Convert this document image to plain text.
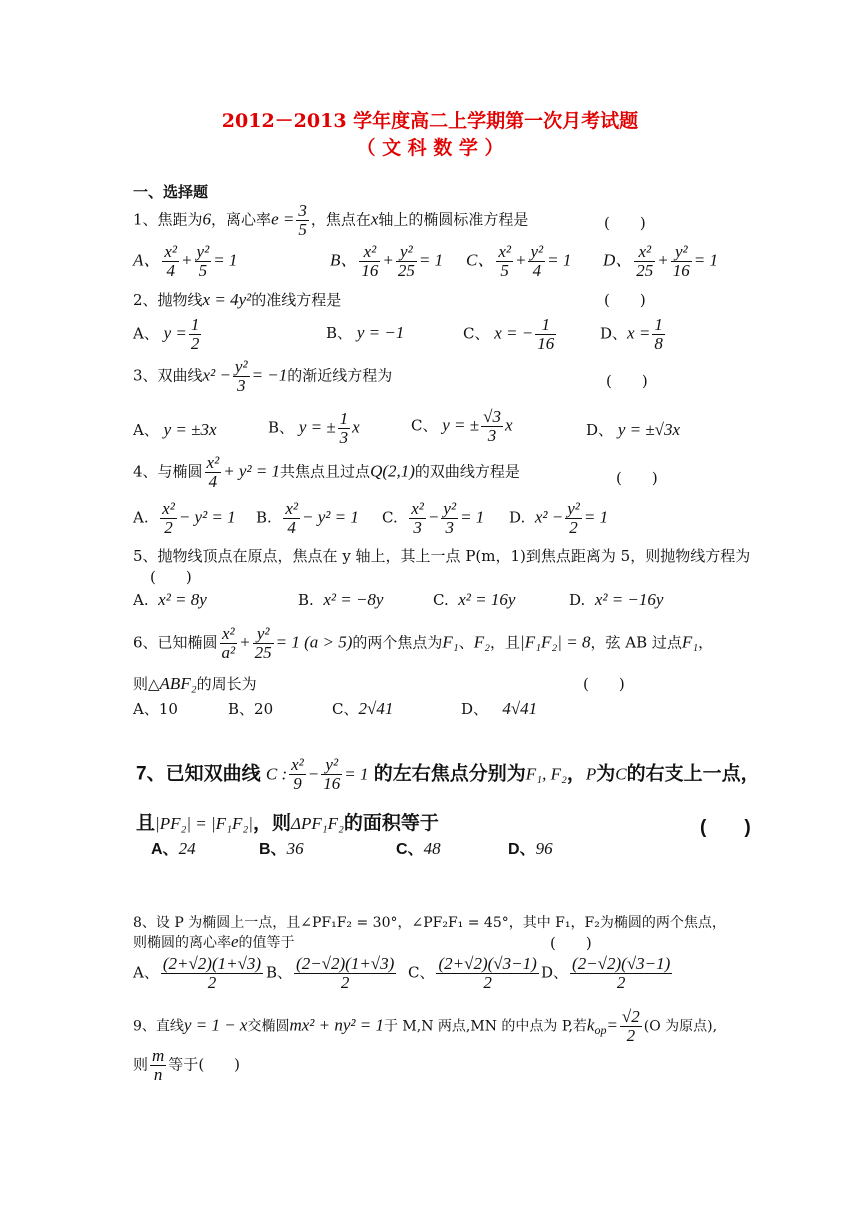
2012－2013 学年度高二上学期第一次月考试题
（ 文 科 数 学 ）
一、选择题
1、焦距为6，离心率$e = \frac{3}{5}$ ，焦点在x轴上的椭圆标准方程是	(　　)
A、 $\frac{\text{x²}}{4} + \frac{\text{y²}}{5} = 1$	B、 $\frac{\text{x²}}{16} + \frac{\text{y²}}{25} = 1$ C、 $\frac{\text{x²}}{5} + \frac{\text{y²}}{4} = 1$ D、 $\frac{\text{x²}}{25} + \frac{\text{y²}}{16} = 1$
2、抛物线x = 4y²的准线方程是	(　　)
A、 $y = \frac{1}{2}$	B、 y = −1	C、 x = − $\frac{1}{16}$	D、$x = \frac{1}{8}$
3、双曲线$x^2 - \frac{\text{y²}}{3} = -1$的渐近线方程为	(　　)
A、 y = ±3x	B、 y = ± $\frac{1}{3}$ x	C、 y = ± $\frac{√3}{3}$ x	D、 y = ±√3x
4、与椭圆 $\frac{\text{x²}}{4} + y^2 = 1$共焦点且过点Q(2,1)的双曲线方程是	(　　)
A. $\frac{\text{x²}}{2} - y^2 = 1$ B. $\frac{\text{x²}}{4} - y^2 = 1$ C. $\frac{\text{x²}}{3} - \frac{\text{y²}}{3} = 1$ D. $x^2 - \frac{\text{y²}}{2} = 1$
5、抛物线顶点在原点，焦点在 y 轴上，其上一点 P(m，1)到焦点距离为 5，则抛物线方程为
(　　)
A. x² = 8y	B. x² = −8y	C. x² = 16y	D. x² = −16y
6、已知椭圆 $\frac{\text{x²}}{\text{a²}} + \frac{\text{y²}}{25} = 1$ (a > 5)的两个焦点为F₁、F₂，且|F₁F₂| = 8，弦 AB 过点F₁，
则△ABF₂的周长为	(　　)
A、10	B、20	C、2√41	D、 4√41
7、已知双曲线 C : $\frac{\text{x²}}{9} - \frac{\text{y²}}{16} = 1$ 的左右焦点分别为F₁, F₂，P为C的右支上一点，
且|PF₂| = |F₁F₂|，则ΔPF₁F₂的面积等于	(　　)
A、24	B、36	C、48	D、96
8、设 P 为椭圆上一点，且∠PF₁F₂ = 30°，∠PF₂F₁ = 45°，其中 F₁，F₂为椭圆的两个焦点，
则椭圆的离心率e的值等于	(　　)
A、 $\frac{(2+√2)(1+√3)}{2}$ B、 $\frac{(2-√2)(1+√3)}{2}$ C、 $\frac{(2+√2)(√3-1)}{2}$ D、 $\frac{(2-√2)(√3-1)}{2}$
9、直线y = 1 − x交椭圆mx² + ny² = 1于 M,N 两点,MN 的中点为 P,若$k_{op}= \frac{√2}{2} (O$ 为原点),
则 $\frac{m}{n}$ 等于(　　)
